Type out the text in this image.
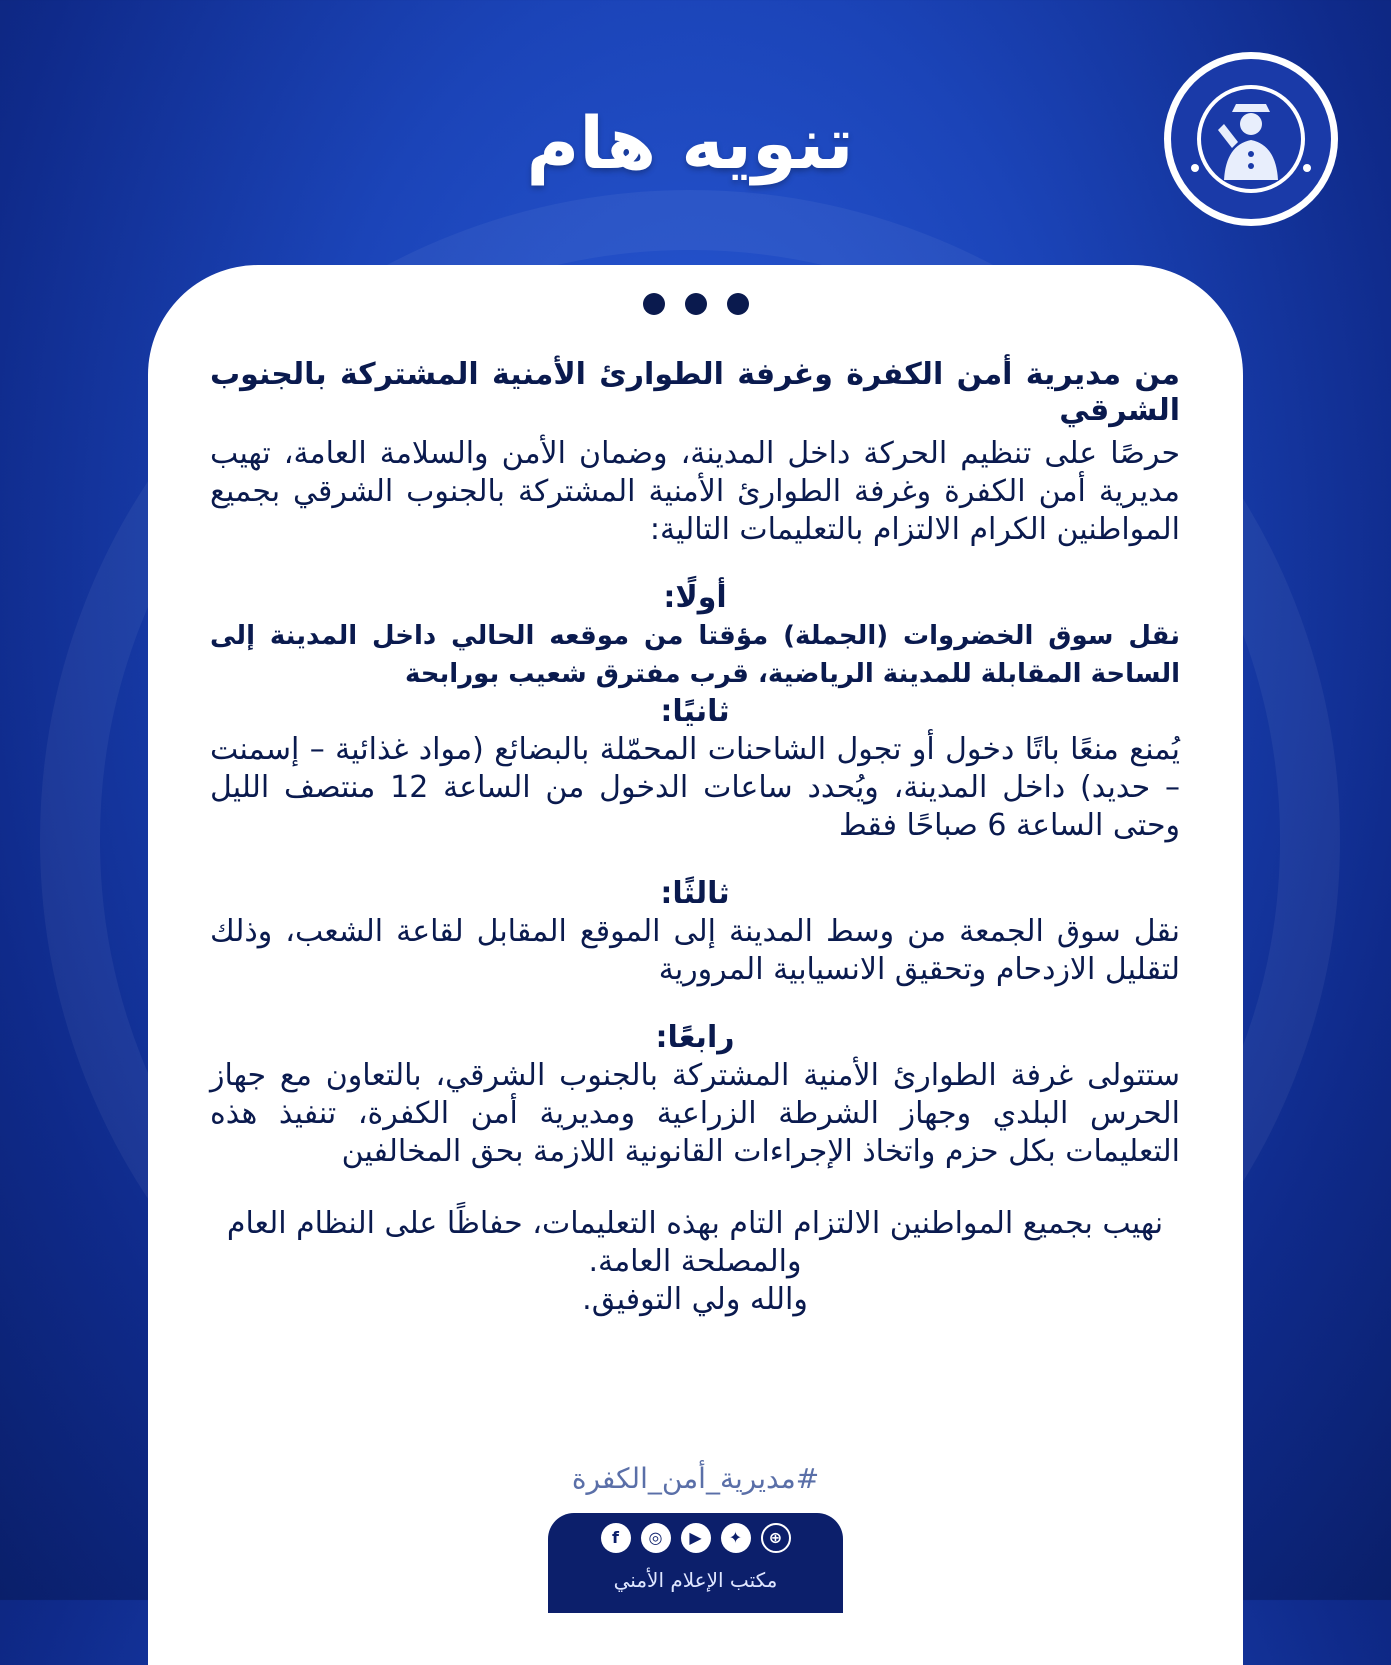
تنويه هام

من مديرية أمن الكفرة وغرفة الطوارئ الأمنية المشتركة بالجنوب الشرقي

حرصًا على تنظيم الحركة داخل المدينة، وضمان الأمن والسلامة العامة، تهيب مديرية أمن الكفرة وغرفة الطوارئ الأمنية المشتركة بالجنوب الشرقي بجميع المواطنين الكرام الالتزام بالتعليمات التالية:

أولًا:

نقل سوق الخضروات (الجملة) مؤقتا من موقعه الحالي داخل المدينة إلى الساحة المقابلة للمدينة الرياضية، قرب مفترق شعيب بورابحة

ثانيًا:

يُمنع منعًا باتًا دخول أو تجول الشاحنات المحمّلة بالبضائع (مواد غذائية – إسمنت – حديد) داخل المدينة، ويُحدد ساعات الدخول من الساعة 12 منتصف الليل وحتى الساعة 6 صباحًا فقط

ثالثًا:

نقل سوق الجمعة من وسط المدينة إلى الموقع المقابل لقاعة الشعب، وذلك لتقليل الازدحام وتحقيق الانسيابية المرورية

رابعًا:

ستتولى غرفة الطوارئ الأمنية المشتركة بالجنوب الشرقي، بالتعاون مع جهاز الحرس البلدي وجهاز الشرطة الزراعية ومديرية أمن الكفرة، تنفيذ هذه التعليمات بكل حزم واتخاذ الإجراءات القانونية اللازمة بحق المخالفين

نهيب بجميع المواطنين الالتزام التام بهذه التعليمات، حفاظًا على النظام العام والمصلحة العامة.

والله ولي التوفيق.

#مديرية_أمن_الكفرة
f ◎ ▶ ✦ ⊕
مكتب الإعلام الأمني
